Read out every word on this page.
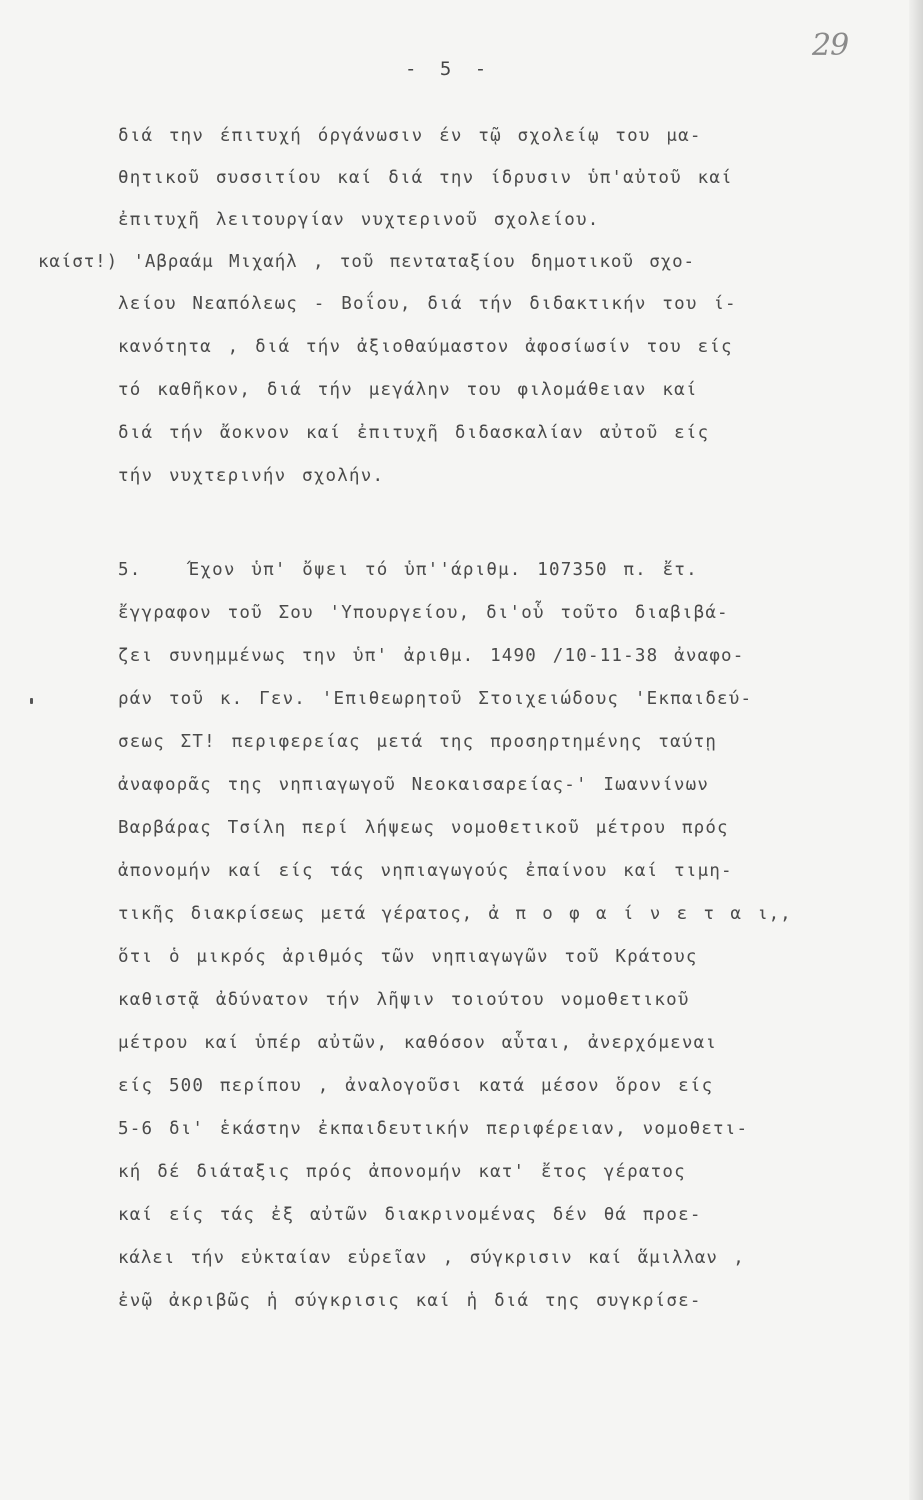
29
- 5 -
διά την έπιτυχή όργάνωσιν έν τῷ σχολείῳ του μα-
θητικοῦ συσσιτίου καί διά την ίδρυσιν ὑπ'αὐτοῦ καί
ἐπιτυχῆ λειτουργίαν νυχτερινοῦ σχολείου.
καίστ!) 'Αβραάμ Μιχαήλ , τοῦ πενταταξίου δημοτικοῦ σχο-
λείου Νεαπόλεως - Βοΐου, διά τήν διδακτικήν του ί-
κανότητα , διά τήν ἀξιοθαύμαστον ἀφοσίωσίν του είς
τό καθῆκον, διά τήν μεγάλην του φιλομάθειαν καί
διά τήν ἄοκνον καί ἐπιτυχῆ διδασκαλίαν αὐτοῦ είς
τήν νυχτερινήν σχολήν.
5.   Έχον ὑπ' ὄψει τό ὑπ''άριθμ. 107350 π. ἔτ.
ἔγγραφον τοῦ Σου 'Υπουργείου, δι'οὗ τοῦτο διαβιβά-
ζει συνημμένως την ὑπ' ἀριθμ. 1490 /10-11-38 ἀναφο-
ράν τοῦ κ. Γεν. 'Επιθεωρητοῦ Στοιχειώδους 'Εκπαιδεύ-
σεως ΣΤ! περιφερείας μετά της προσηρτημένης ταύτῃ
ἀναφορᾶς της νηπιαγωγοῦ Νεοκαισαρείας-' Ιωαννίνων
Βαρβάρας Τσίλη περί λήψεως νομοθετικοῦ μέτρου πρός
ἀπονομήν καί είς τάς νηπιαγωγούς ἐπαίνου καί τιμη-
τικῆς διακρίσεως μετά γέρατος, ἀ π ο φ α ί ν ε τ α ι,,
ὅτι ὁ μικρός ἀριθμός τῶν νηπιαγωγῶν τοῦ Κράτους
καθιστᾷ ἀδύνατον τήν λῆψιν τοιούτου νομοθετικοῦ
μέτρου καί ὑπέρ αὐτῶν, καθόσον αὗται, ἀνερχόμεναι
είς 500 περίπου , ἀναλογοῦσι κατά μέσον ὅρον είς
5-6 δι' ἑκάστην ἐκπαιδευτικήν περιφέρειαν, νομοθετι-
κή δέ διάταξις πρός ἀπονομήν κατ' ἔτος γέρατος
καί είς τάς ἐξ αὐτῶν διακρινομένας δέν θά προε-
κάλει τήν εὐκταίαν εὑρεῖαν , σύγκρισιν καί ἅμιλλαν ,
ἐνῷ ἀκριβῶς ἡ σύγκρισις καί ἡ διά της συγκρίσε-
